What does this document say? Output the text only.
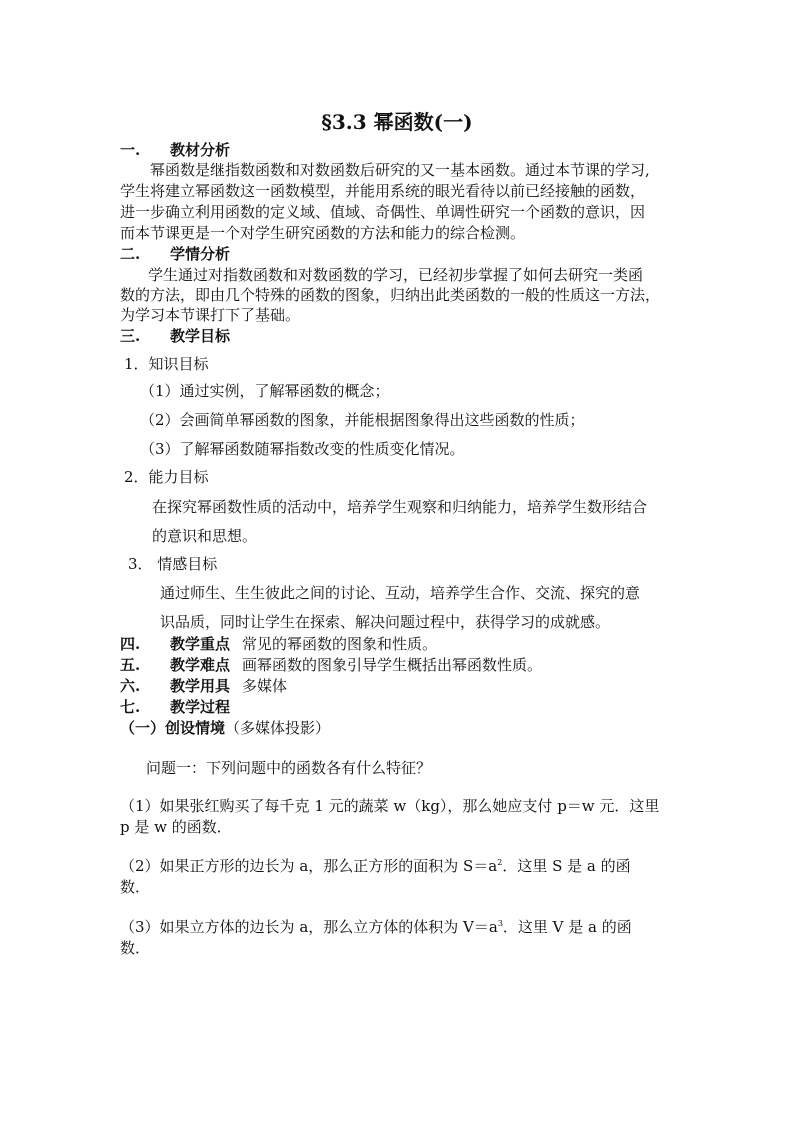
§3.3 幂函数(一)
一. 教材分析
幂函数是继指数函数和对数函数后研究的又一基本函数。通过本节课的学习,
学生将建立幂函数这一函数模型，并能用系统的眼光看待以前已经接触的函数，
进一步确立利用函数的定义域、值域、奇偶性、单调性研究一个函数的意识，因
而本节课更是一个对学生研究函数的方法和能力的综合检测。
二. 学情分析
学生通过对指数函数和对数函数的学习，已经初步掌握了如何去研究一类函
数的方法，即由几个特殊的函数的图象，归纳出此类函数的一般的性质这一方法，
为学习本节课打下了基础。
三. 教学目标
1．知识目标
（1）通过实例，了解幂函数的概念；
（2）会画简单幂函数的图象，并能根据图象得出这些函数的性质；
（3）了解幂函数随幂指数改变的性质变化情况。
2．能力目标
在探究幂函数性质的活动中，培养学生观察和归纳能力，培养学生数形结合
的意识和思想。
3． 情感目标
通过师生、生生彼此之间的讨论、互动，培养学生合作、交流、探究的意
识品质，同时让学生在探索、解决问题过程中，获得学习的成就感。
四. 教学重点 常见的幂函数的图象和性质。
五. 教学难点 画幂函数的图象引导学生概括出幂函数性质。
六. 教学用具 多媒体
七. 教学过程
（一）创设情境（多媒体投影）
问题一：下列问题中的函数各有什么特征？
（1）如果张红购买了每千克 1 元的蔬菜 w（kg），那么她应支付 p＝w 元．这里
p 是 w 的函数．
（2）如果正方形的边长为 a，那么正方形的面积为 $S=a^2$．这里 S 是 a 的函
数．
（3）如果立方体的边长为 a，那么立方体的体积为 $V=a^3$．这里 V 是 a 的函
数．
